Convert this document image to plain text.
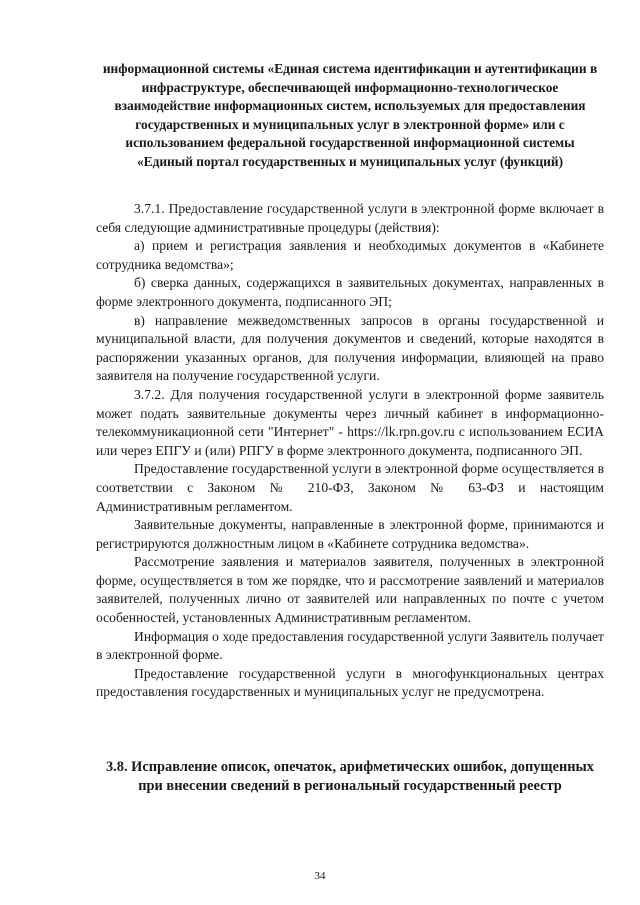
информационной системы «Единая система идентификации и аутентификации в инфраструктуре, обеспечивающей информационно-технологическое взаимодействие информационных систем, используемых для предоставления государственных и муниципальных услуг в электронной форме» или с использованием федеральной государственной информационной системы «Единый портал государственных и муниципальных услуг (функций)

3.7.1. Предоставление государственной услуги в электронной форме включает в себя следующие административные процедуры (действия):

а) прием и регистрация заявления и необходимых документов в «Кабинете сотрудника ведомства»;

б) сверка данных, содержащихся в заявительных документах, направленных в форме электронного документа, подписанного ЭП;

в) направление межведомственных запросов в органы государственной и муниципальной власти, для получения документов и сведений, которые находятся в распоряжении указанных органов, для получения информации, влияющей на право заявителя на получение государственной услуги.

3.7.2. Для получения государственной услуги в электронной форме заявитель может подать заявительные документы через личный кабинет в информационно-телекоммуникационной сети "Интернет" - https://lk.rpn.gov.ru с использованием ЕСИА или через ЕПГУ и (или) РПГУ в форме электронного документа, подписанного ЭП.

Предоставление государственной услуги в электронной форме осуществляется в соответствии с Законом № 210-ФЗ, Законом № 63-ФЗ и настоящим Административным регламентом.

Заявительные документы, направленные в электронной форме, принимаются и регистрируются должностным лицом в «Кабинете сотрудника ведомства».

Рассмотрение заявления и материалов заявителя, полученных в электронной форме, осуществляется в том же порядке, что и рассмотрение заявлений и материалов заявителей, полученных лично от заявителей или направленных по почте с учетом особенностей, установленных Административным регламентом.

Информация о ходе предоставления государственной услуги Заявитель получает в электронной форме.

Предоставление государственной услуги в многофункциональных центрах предоставления государственных и муниципальных услуг не предусмотрена.

3.8. Исправление описок, опечаток, арифметических ошибок, допущенных при внесении сведений в региональный государственный реестр
34
